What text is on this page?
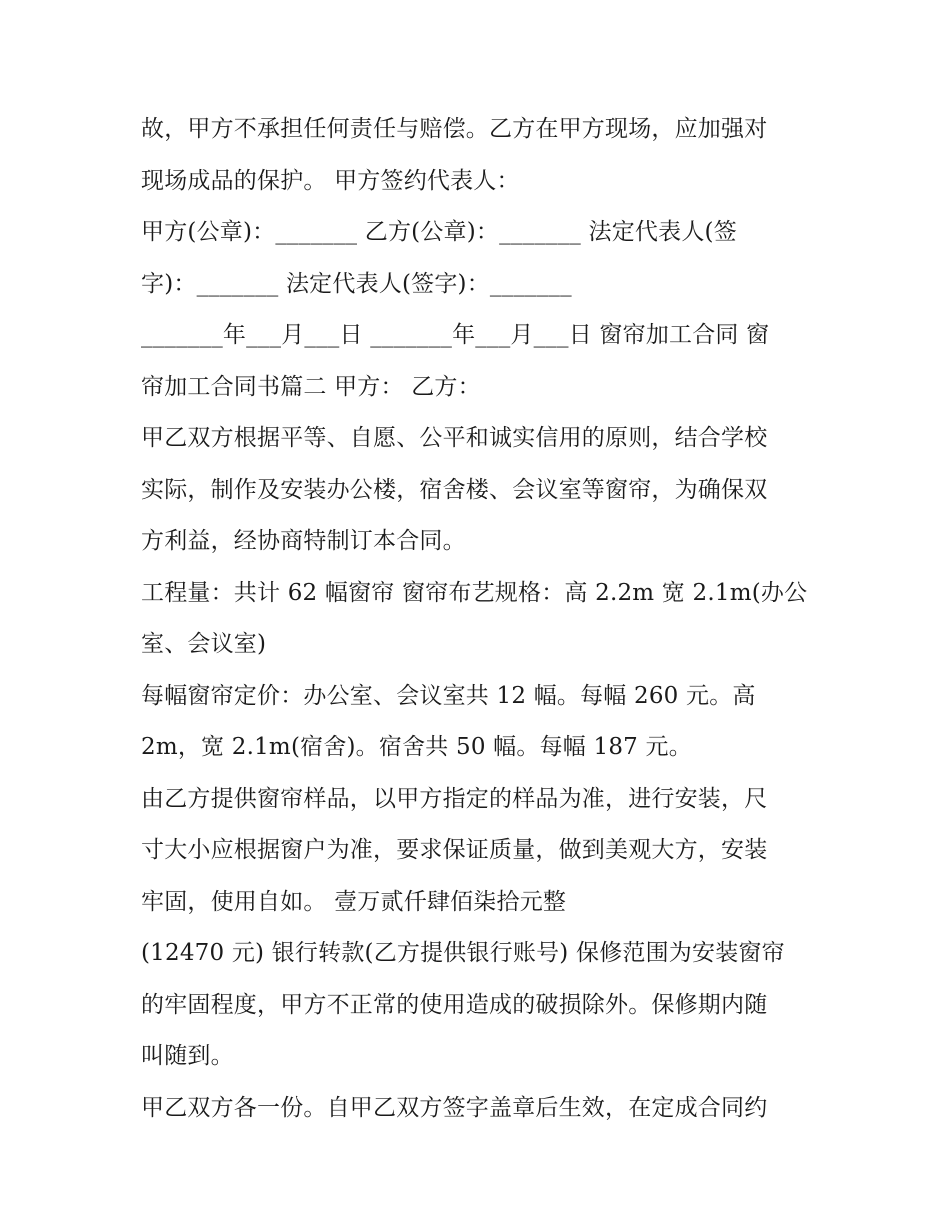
故，甲方不承担任何责任与赔偿。乙方在甲方现场，应加强对
现场成品的保护。 甲方签约代表人：
甲方(公章)：_______ 乙方(公章)：_______ 法定代表人(签
字)：_______ 法定代表人(签字)：_______
_______年___月___日 _______年___月___日 窗帘加工合同 窗
帘加工合同书篇二 甲方： 乙方：
甲乙双方根据平等、自愿、公平和诚实信用的原则，结合学校
实际，制作及安装办公楼，宿舍楼、会议室等窗帘，为确保双
方利益，经协商特制订本合同。
工程量：共计 62 幅窗帘 窗帘布艺规格：高 2.2m 宽 2.1m(办公
室、会议室)
每幅窗帘定价：办公室、会议室共 12 幅。每幅 260 元。高
2m，宽 2.1m(宿舍)。宿舍共 50 幅。每幅 187 元。
由乙方提供窗帘样品，以甲方指定的样品为准，进行安装，尺
寸大小应根据窗户为准，要求保证质量，做到美观大方，安装
牢固，使用自如。 壹万贰仟肆佰柒拾元整
(12470 元) 银行转款(乙方提供银行账号) 保修范围为安装窗帘
的牢固程度，甲方不正常的使用造成的破损除外。保修期内随
叫随到。
甲乙双方各一份。自甲乙双方签字盖章后生效，在定成合同约
